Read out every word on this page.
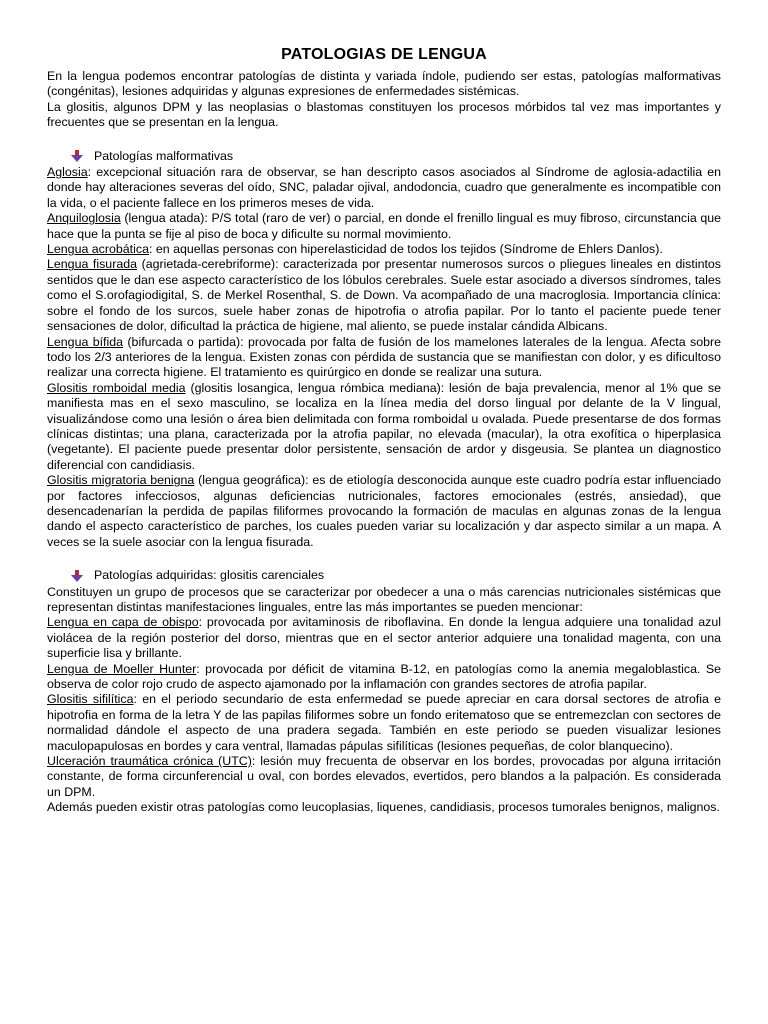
PATOLOGIAS DE LENGUA

En la lengua podemos encontrar patologías de distinta y variada índole, pudiendo ser estas, patologías malformativas (congénitas), lesiones adquiridas y algunas expresiones de enfermedades sistémicas.

La glositis, algunos DPM y las neoplasias o blastomas constituyen los procesos mórbidos tal vez mas importantes y frecuentes que se presentan en la lengua.

Patologías malformativas

Aglosia: excepcional situación rara de observar, se han descripto casos asociados al Síndrome de aglosia-adactilia en donde hay alteraciones severas del oído, SNC, paladar ojival, andodoncia, cuadro que generalmente es incompatible con la vida, o el paciente fallece en los primeros meses de vida.

Anquiloglosia (lengua atada): P/S total (raro de ver) o parcial, en donde el frenillo lingual es muy fibroso, circunstancia que hace que la punta se fije al piso de boca y dificulte su normal movimiento.

Lengua acrobática: en aquellas personas con hiperelasticidad de todos los tejidos (Síndrome de Ehlers Danlos).

Lengua fisurada (agrietada-cerebriforme): caracterizada por presentar numerosos surcos o pliegues lineales en distintos sentidos que le dan ese aspecto característico de los lóbulos cerebrales. Suele estar asociado a diversos síndromes, tales como el S.orofagiodigital, S. de Merkel Rosenthal, S. de Down. Va acompañado de una macroglosia. Importancia clínica: sobre el fondo de los surcos, suele haber zonas de hipotrofia o atrofia papilar. Por lo tanto el paciente puede tener sensaciones de dolor, dificultad la práctica de higiene, mal aliento, se puede instalar cándida Albicans.

Lengua bífida (bifurcada o partida): provocada por falta de fusión de los mamelones laterales de la lengua. Afecta sobre todo los 2/3 anteriores de la lengua. Existen zonas con pérdida de sustancia que se manifiestan con dolor, y es dificultoso realizar una correcta higiene. El tratamiento es quirúrgico en donde se realizar una sutura.

Glositis romboidal media (glositis losangica, lengua rómbica mediana): lesión de baja prevalencia, menor al 1% que se manifiesta mas en el sexo masculino, se localiza en la línea media del dorso lingual por delante de la V lingual, visualizándose como una lesión o área bien delimitada con forma romboidal u ovalada. Puede presentarse de dos formas clínicas distintas; una plana, caracterizada por la atrofia papilar, no elevada (macular), la otra exofítica o hiperplasica (vegetante). El paciente puede presentar dolor persistente, sensación de ardor y disgeusia. Se plantea un diagnostico diferencial con candidiasis.

Glositis migratoria benigna (lengua geográfica): es de etiología desconocida aunque este cuadro podría estar influenciado por factores infecciosos, algunas deficiencias nutricionales, factores emocionales (estrés, ansiedad), que desencadenarían la perdida de papilas filiformes provocando la formación de maculas en algunas zonas de la lengua dando el aspecto característico de parches, los cuales pueden variar su localización y dar aspecto similar a un mapa. A veces se la suele asociar con la lengua fisurada.

Patologías adquiridas: glositis carenciales

Constituyen un grupo de procesos que se caracterizar por obedecer a una o más carencias nutricionales sistémicas que representan distintas manifestaciones linguales, entre las más importantes se pueden mencionar:

Lengua en capa de obispo: provocada por avitaminosis de riboflavina. En donde la lengua adquiere una tonalidad azul violácea de la región posterior del dorso, mientras que en el sector anterior adquiere una tonalidad magenta, con una superficie lisa y brillante.

Lengua de Moeller Hunter: provocada por déficit de vitamina B-12, en patologías como la anemia megaloblastica. Se observa de color rojo crudo de aspecto ajamonado por la inflamación con grandes sectores de atrofia papilar.

Glositis sifilítica: en el periodo secundario de esta enfermedad se puede apreciar en cara dorsal sectores de atrofia e hipotrofia en forma de la letra Y de las papilas filiformes sobre un fondo eritematoso que se entremezclan con sectores de normalidad dándole el aspecto de una pradera segada. También en este periodo se pueden visualizar lesiones maculopapulosas en bordes y cara ventral, llamadas pápulas sifilíticas (lesiones pequeñas, de color blanquecino).

Ulceración traumática crónica (UTC): lesión muy frecuenta de observar en los bordes, provocadas por alguna irritación constante, de forma circunferencial u oval, con bordes elevados, evertidos, pero blandos a la palpación. Es considerada un DPM.

Además pueden existir otras patologías como leucoplasias, liquenes, candidiasis, procesos tumorales benignos, malignos.
